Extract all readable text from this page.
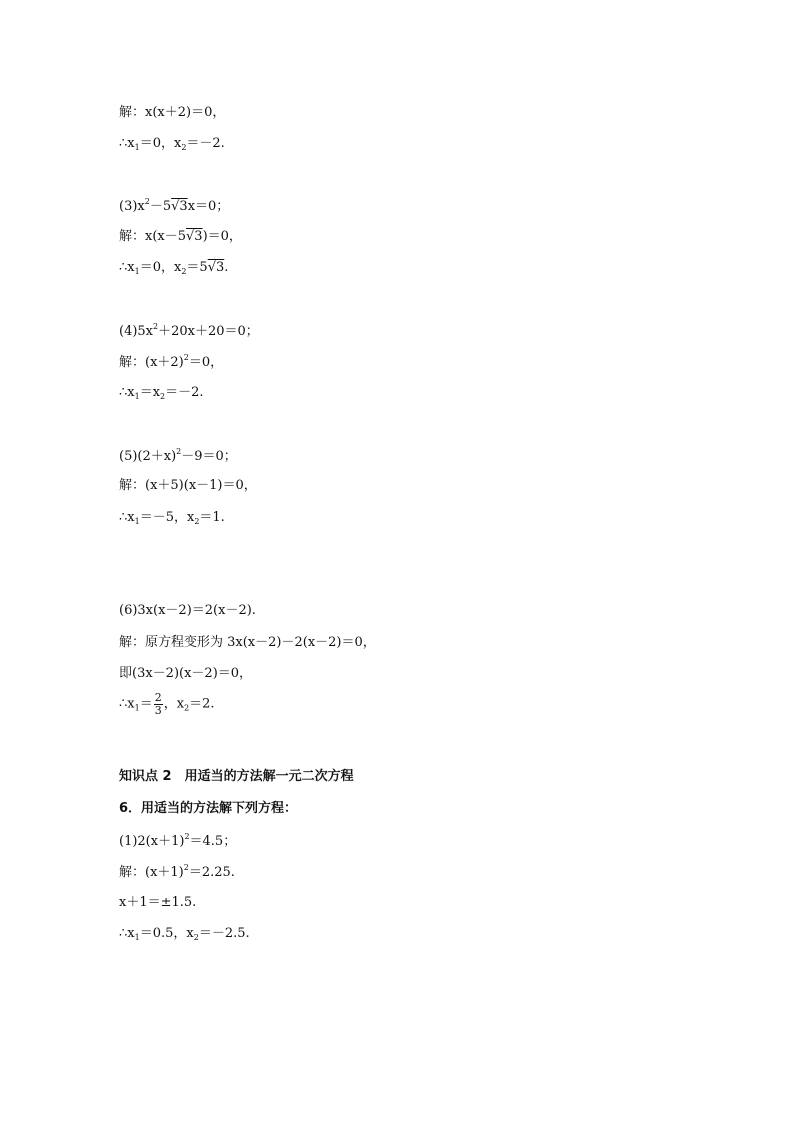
解：x(x＋2)＝0，
$\therefore x_1=0$，$x_2=-2$.
$(3)x^2-5√3x=0$；
解：x(x－5√3)＝0，
$\therefore x_1=0$，$x_2=5√3$.
$(4)5x^2+20x+20=0$；
解：$(x+2)^2=0$，
$\therefore x_1=x_2=-2$.
$(5)(2+x)^2-9=0$；
解：(x＋5)(x－1)＝0，
$\therefore x_1=-5$，$x_2=1$.
(6)3x(x－2)＝2(x－2).
解：原方程变形为 3x(x－2)－2(x－2)＝0，
即(3x－2)(x－2)＝0，
$\therefore x_1= \frac{2}{3}$ ，$x_2=2$.
知识点 2　用适当的方法解一元二次方程
6．用适当的方法解下列方程：
$(1)2(x+1)^2=4.5$；
解：$(x+1)^2=2.25$.
x＋1＝±1.5.
$\therefore x_1=0.5$，$x_2=-2.5$.
